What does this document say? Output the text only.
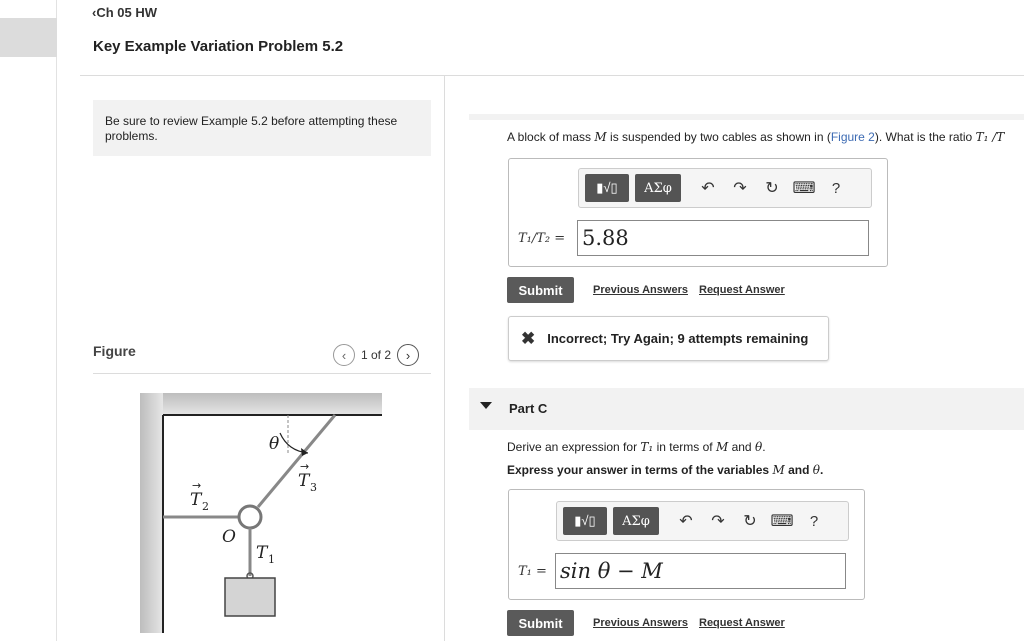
‹Ch 05 HW
Key Example Variation Problem 5.2
Be sure to review Example 5.2 before attempting these problems.
Figure	‹	1 of 2	›
θ
T 3
→
T 2
→
O
T 1
A block of mass M is suspended by two cables as shown in (Figure 2). What is the ratio T₁ /T
▮√▯	ΑΣφ	↶	↷	↻ ⌨	?
T₁/T₂ = 5.88
Submit	Previous Answers Request Answer
✖ Incorrect; Try Again; 9 attempts remaining
Part C
Derive an expression for T₁ in terms of M and θ.
Express your answer in terms of the variables M and θ.
▮√▯	ΑΣφ	↶	↷	↻ ⌨	?
T₁ = sin θ − M
Submit	Previous Answers Request Answer
